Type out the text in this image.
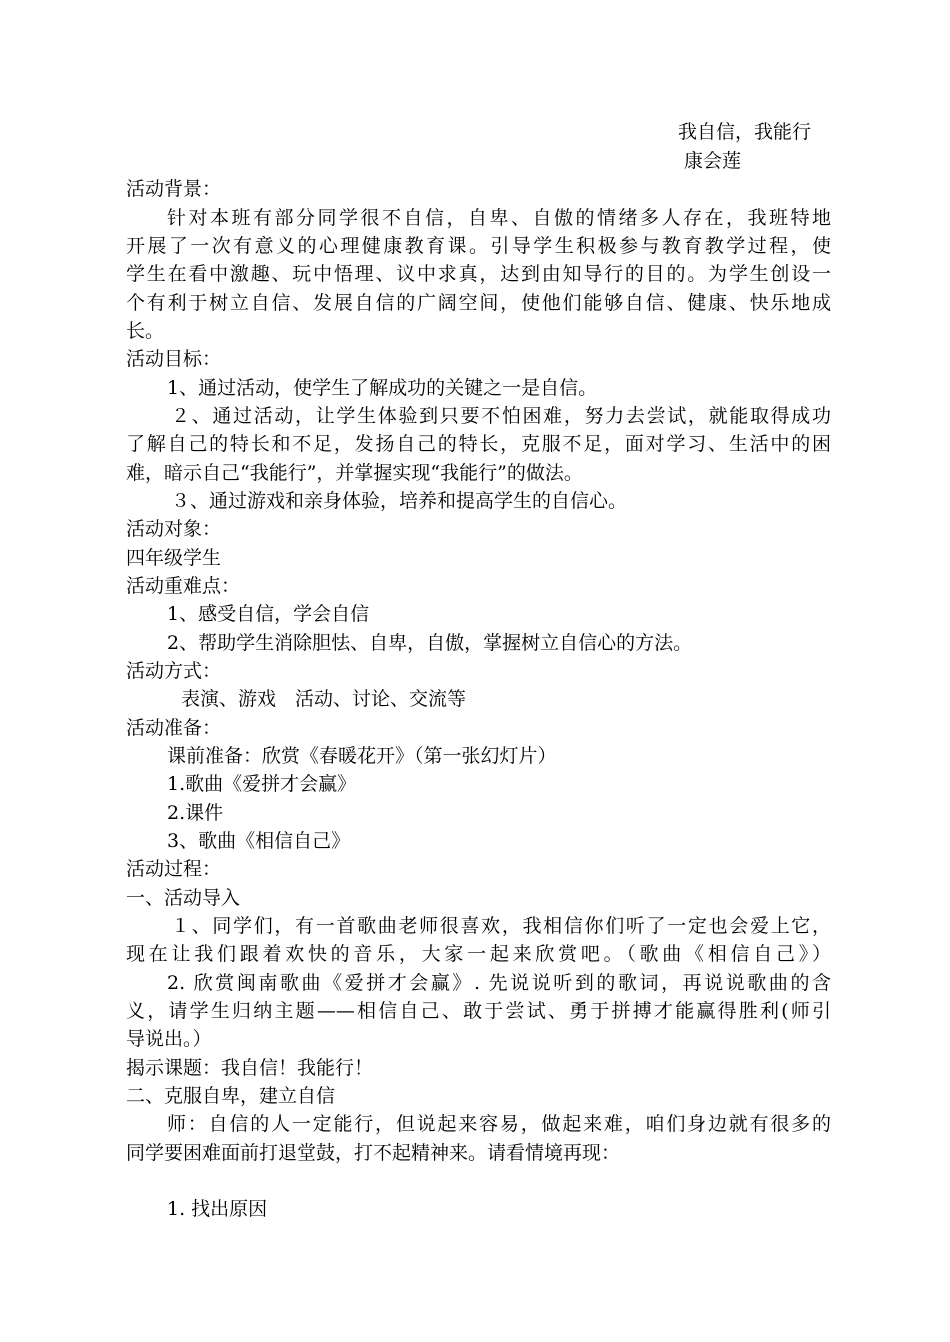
我自信，我能行
康会莲
活动背景：
针对本班有部分同学很不自信，自卑、自傲的情绪多人存在，我班特地
开展了一次有意义的心理健康教育课。引导学生积极参与教育教学过程，使
学生在看中激趣、玩中悟理、议中求真，达到由知导行的目的。为学生创设一
个有利于树立自信、发展自信的广阔空间，使他们能够自信、健康、快乐地成
长。
活动目标：
1、通过活动，使学生了解成功的关键之一是自信。
２、通过活动，让学生体验到只要不怕困难，努力去尝试，就能取得成功
了解自己的特长和不足，发扬自己的特长，克服不足，面对学习、生活中的困
难，暗示自己“我能行”，并掌握实现“我能行”的做法。
３、通过游戏和亲身体验，培养和提高学生的自信心。
活动对象：
四年级学生
活动重难点：
1、感受自信，学会自信
2、帮助学生消除胆怯、自卑，自傲，掌握树立自信心的方法。
活动方式：
表演、游戏　活动、讨论、交流等
活动准备：
课前准备：欣赏《春暖花开》（第一张幻灯片）
1.歌曲《爱拼才会赢》
2.课件
3、歌曲《相信自己》
活动过程：
一、活动导入
１、同学们，有一首歌曲老师很喜欢，我相信你们听了一定也会爱上它，
现在让我们跟着欢快的音乐，大家一起来欣赏吧。（歌曲《相信自己》）
2. 欣赏闽南歌曲《爱拼才会赢》. 先说说听到的歌词，再说说歌曲的含
义，请学生归纳主题——相信自己、敢于尝试、勇于拼搏才能赢得胜利(师引
导说出。）
揭示课题：我自信！我能行！
二、克服自卑，建立自信
师：自信的人一定能行，但说起来容易，做起来难，咱们身边就有很多的
同学要困难面前打退堂鼓，打不起精神来。请看情境再现：
1. 找出原因
